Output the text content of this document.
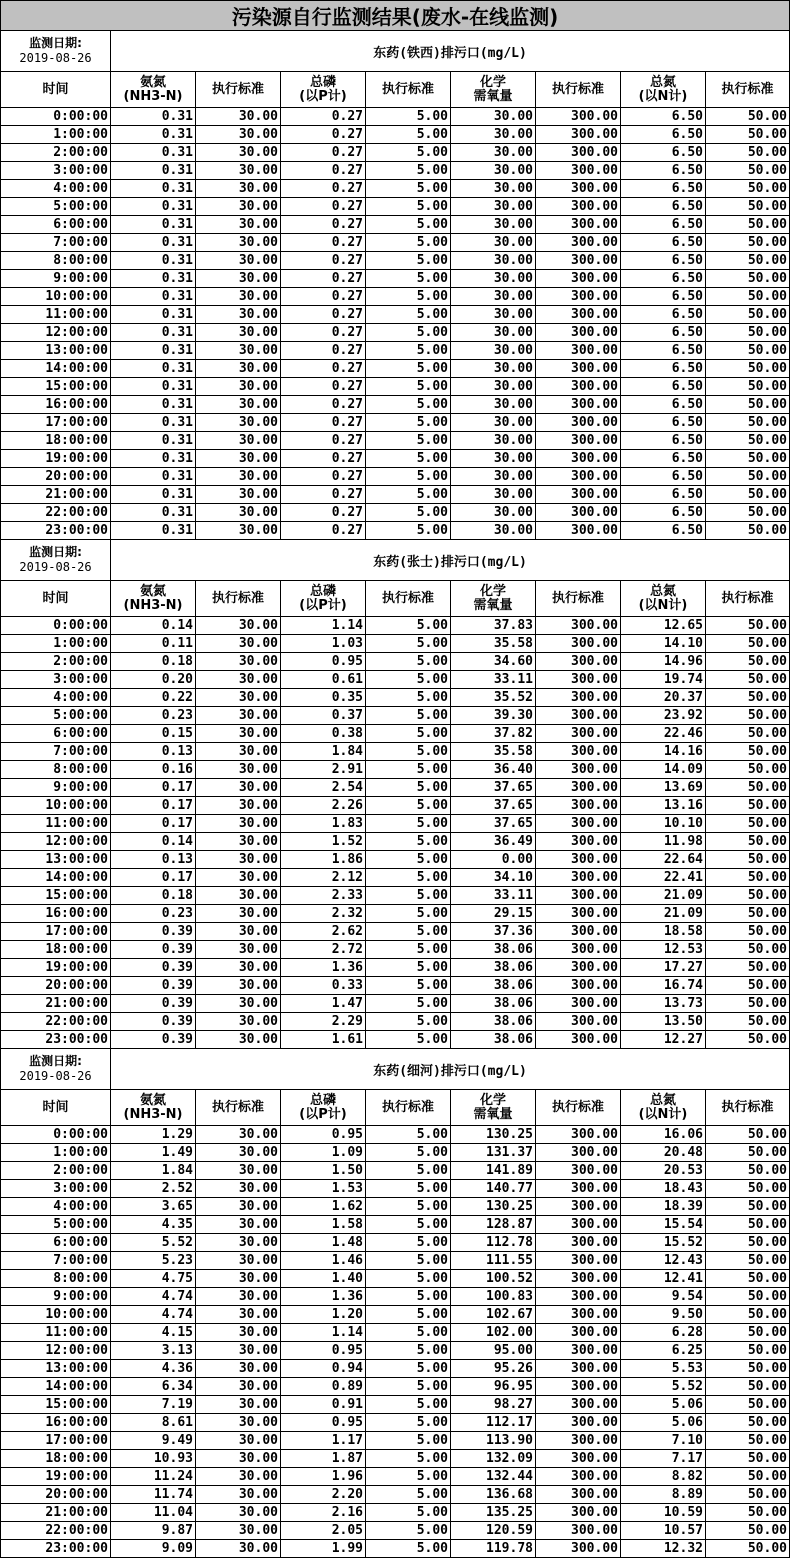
污染源自行监测结果(废水-在线监测)								

监测日期:
2019-08-26	东药(铁西)排污口(mg/L)							
时间	氨氮
(NH3-N)	执行标准	总磷
(以P计)	执行标准	化学
需氧量	执行标准	总氮
(以N计)	执行标准
0:00:00	0.31	30.00	0.27	5.00	30.00	300.00	6.50	50.00
1:00:00	0.31	30.00	0.27	5.00	30.00	300.00	6.50	50.00
2:00:00	0.31	30.00	0.27	5.00	30.00	300.00	6.50	50.00
3:00:00	0.31	30.00	0.27	5.00	30.00	300.00	6.50	50.00
4:00:00	0.31	30.00	0.27	5.00	30.00	300.00	6.50	50.00
5:00:00	0.31	30.00	0.27	5.00	30.00	300.00	6.50	50.00
6:00:00	0.31	30.00	0.27	5.00	30.00	300.00	6.50	50.00
7:00:00	0.31	30.00	0.27	5.00	30.00	300.00	6.50	50.00
8:00:00	0.31	30.00	0.27	5.00	30.00	300.00	6.50	50.00
9:00:00	0.31	30.00	0.27	5.00	30.00	300.00	6.50	50.00
10:00:00	0.31	30.00	0.27	5.00	30.00	300.00	6.50	50.00
11:00:00	0.31	30.00	0.27	5.00	30.00	300.00	6.50	50.00
12:00:00	0.31	30.00	0.27	5.00	30.00	300.00	6.50	50.00
13:00:00	0.31	30.00	0.27	5.00	30.00	300.00	6.50	50.00
14:00:00	0.31	30.00	0.27	5.00	30.00	300.00	6.50	50.00
15:00:00	0.31	30.00	0.27	5.00	30.00	300.00	6.50	50.00
16:00:00	0.31	30.00	0.27	5.00	30.00	300.00	6.50	50.00
17:00:00	0.31	30.00	0.27	5.00	30.00	300.00	6.50	50.00
18:00:00	0.31	30.00	0.27	5.00	30.00	300.00	6.50	50.00
19:00:00	0.31	30.00	0.27	5.00	30.00	300.00	6.50	50.00
20:00:00	0.31	30.00	0.27	5.00	30.00	300.00	6.50	50.00
21:00:00	0.31	30.00	0.27	5.00	30.00	300.00	6.50	50.00
22:00:00	0.31	30.00	0.27	5.00	30.00	300.00	6.50	50.00
23:00:00	0.31	30.00	0.27	5.00	30.00	300.00	6.50	50.00

监测日期:
2019-08-26	东药(张士)排污口(mg/L)							
时间	氨氮
(NH3-N)	执行标准	总磷
(以P计)	执行标准	化学
需氧量	执行标准	总氮
(以N计)	执行标准
0:00:00	0.14	30.00	1.14	5.00	37.83	300.00	12.65	50.00
1:00:00	0.11	30.00	1.03	5.00	35.58	300.00	14.10	50.00
2:00:00	0.18	30.00	0.95	5.00	34.60	300.00	14.96	50.00
3:00:00	0.20	30.00	0.61	5.00	33.11	300.00	19.74	50.00
4:00:00	0.22	30.00	0.35	5.00	35.52	300.00	20.37	50.00
5:00:00	0.23	30.00	0.37	5.00	39.30	300.00	23.92	50.00
6:00:00	0.15	30.00	0.38	5.00	37.82	300.00	22.46	50.00
7:00:00	0.13	30.00	1.84	5.00	35.58	300.00	14.16	50.00
8:00:00	0.16	30.00	2.91	5.00	36.40	300.00	14.09	50.00
9:00:00	0.17	30.00	2.54	5.00	37.65	300.00	13.69	50.00
10:00:00	0.17	30.00	2.26	5.00	37.65	300.00	13.16	50.00
11:00:00	0.17	30.00	1.83	5.00	37.65	300.00	10.10	50.00
12:00:00	0.14	30.00	1.52	5.00	36.49	300.00	11.98	50.00
13:00:00	0.13	30.00	1.86	5.00	0.00	300.00	22.64	50.00
14:00:00	0.17	30.00	2.12	5.00	34.10	300.00	22.41	50.00
15:00:00	0.18	30.00	2.33	5.00	33.11	300.00	21.09	50.00
16:00:00	0.23	30.00	2.32	5.00	29.15	300.00	21.09	50.00
17:00:00	0.39	30.00	2.62	5.00	37.36	300.00	18.58	50.00
18:00:00	0.39	30.00	2.72	5.00	38.06	300.00	12.53	50.00
19:00:00	0.39	30.00	1.36	5.00	38.06	300.00	17.27	50.00
20:00:00	0.39	30.00	0.33	5.00	38.06	300.00	16.74	50.00
21:00:00	0.39	30.00	1.47	5.00	38.06	300.00	13.73	50.00
22:00:00	0.39	30.00	2.29	5.00	38.06	300.00	13.50	50.00
23:00:00	0.39	30.00	1.61	5.00	38.06	300.00	12.27	50.00

监测日期:
2019-08-26	东药(细河)排污口(mg/L)							
时间	氨氮
(NH3-N)	执行标准	总磷
(以P计)	执行标准	化学
需氧量	执行标准	总氮
(以N计)	执行标准
0:00:00	1.29	30.00	0.95	5.00	130.25	300.00	16.06	50.00
1:00:00	1.49	30.00	1.09	5.00	131.37	300.00	20.48	50.00
2:00:00	1.84	30.00	1.50	5.00	141.89	300.00	20.53	50.00
3:00:00	2.52	30.00	1.53	5.00	140.77	300.00	18.43	50.00
4:00:00	3.65	30.00	1.62	5.00	130.25	300.00	18.39	50.00
5:00:00	4.35	30.00	1.58	5.00	128.87	300.00	15.54	50.00
6:00:00	5.52	30.00	1.48	5.00	112.78	300.00	15.52	50.00
7:00:00	5.23	30.00	1.46	5.00	111.55	300.00	12.43	50.00
8:00:00	4.75	30.00	1.40	5.00	100.52	300.00	12.41	50.00
9:00:00	4.74	30.00	1.36	5.00	100.83	300.00	9.54	50.00
10:00:00	4.74	30.00	1.20	5.00	102.67	300.00	9.50	50.00
11:00:00	4.15	30.00	1.14	5.00	102.00	300.00	6.28	50.00
12:00:00	3.13	30.00	0.95	5.00	95.00	300.00	6.25	50.00
13:00:00	4.36	30.00	0.94	5.00	95.26	300.00	5.53	50.00
14:00:00	6.34	30.00	0.89	5.00	96.95	300.00	5.52	50.00
15:00:00	7.19	30.00	0.91	5.00	98.27	300.00	5.06	50.00
16:00:00	8.61	30.00	0.95	5.00	112.17	300.00	5.06	50.00
17:00:00	9.49	30.00	1.17	5.00	113.90	300.00	7.10	50.00
18:00:00	10.93	30.00	1.87	5.00	132.09	300.00	7.17	50.00
19:00:00	11.24	30.00	1.96	5.00	132.44	300.00	8.82	50.00
20:00:00	11.74	30.00	2.20	5.00	136.68	300.00	8.89	50.00
21:00:00	11.04	30.00	2.16	5.00	135.25	300.00	10.59	50.00
22:00:00	9.87	30.00	2.05	5.00	120.59	300.00	10.57	50.00
23:00:00	9.09	30.00	1.99	5.00	119.78	300.00	12.32	50.00
